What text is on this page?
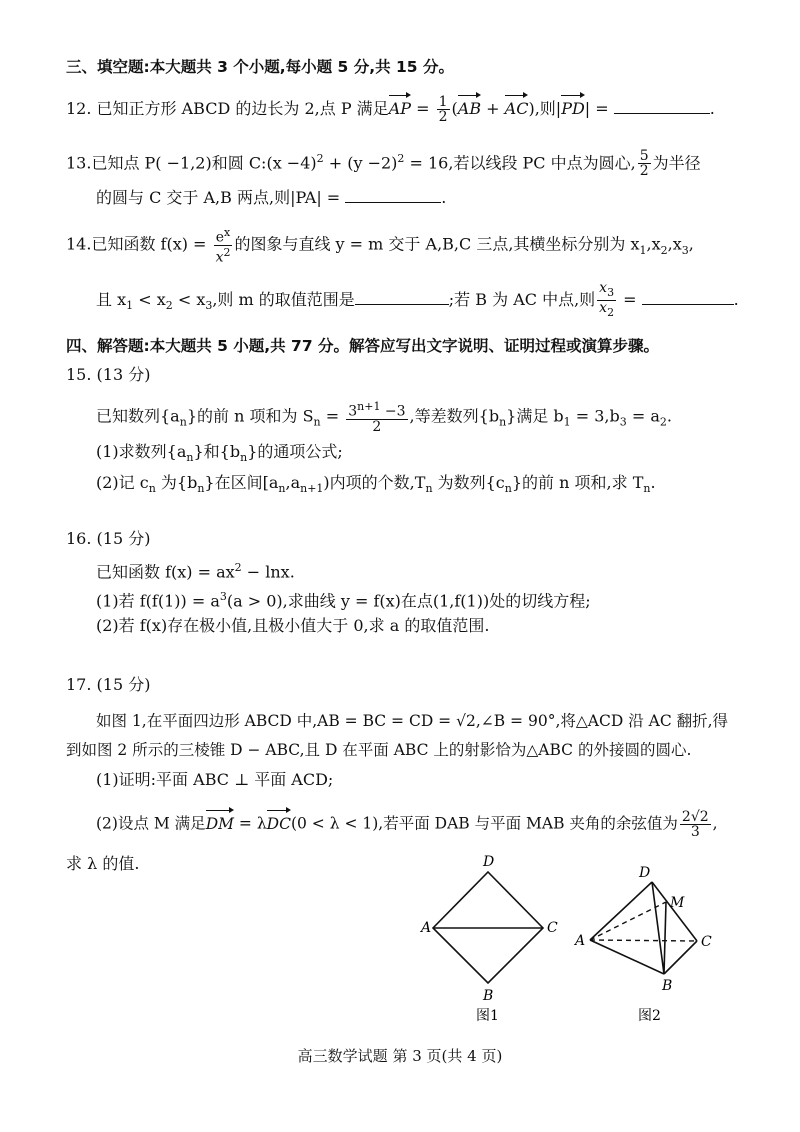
三、填空题:本大题共 3 个小题,每小题 5 分,共 15 分。
12. 已知正方形 ABCD 的边长为 2,点 P 满足AP = $\frac{1}{2} (AB + AC)$,则|PD| =	.
13.已知点 P( −1,2)和圆 C:(x $-4)^2 + (y -2)^2 = 16$,若以线段 PC 中点为圆心, $\frac{5}{2}$ 为半径
的圆与 C 交于 A,B 两点,则|PA| =	.
14.已知函数 $f(x) = \frac{e^x}{x^2}$ 的图象与直线 y = m 交于 A,B,C 三点,其横坐标分别为 $x_1,x_2,x_3$,
且 $x_1 < x_2 < x_3$,则 m 的取值范围是	;若 B 为 AC 中点,则 $\frac{x_3}{x_2}$ =	.
四、解答题:本大题共 5 小题,共 77 分。解答应写出文字说明、证明过程或演算步骤。
15. (13 分)
已知数列$\{a_n\}$的前 n 项和为 $S_n = \frac{3^{n+1} -3}{2}$ ,等差数列$\{b_n\}$满足 $b_1 = 3,b_3 = a_2$.
(1)求数列$\{a_n\}$和$\{b_n\}$的通项公式;
(2)记 $c_n$ 为$\{b_n\}$在区间$[a_n,a_{n+1})$内项的个数$,T_n$ 为数列$\{c_n\}$的前 n 项和,求 $T_n$.
16. (15 分)
已知函数 $f(x) = ax^2 - \ln x$.
(1)若 $f(f(1)) = a^3(a > 0)$,求曲线 y = f(x)在点(1,f(1))处的切线方程;
(2)若 f(x)存在极小值,且极小值大于 0,求 a 的取值范围.
17. (15 分)
如图 1,在平面四边形 ABCD 中,AB = BC = CD = √2,∠B = 90°,将△ACD 沿 AC 翻折,得
到如图 2 所示的三棱锥 D − ABC,且 D 在平面 ABC 上的射影恰为△ABC 的外接圆的圆心.
(1)证明:平面 ABC ⊥ 平面 ACD;
(2)设点 M 满足DM = λDC(0 < λ < 1),若平面 DAB 与平面 MAB 夹角的余弦值为 $\frac{2√2}{3}$ ,
求 λ 的值.	D
A	C
B
图1
D
M
A	C
B
图2
高三数学试题 第 3 页(共 4 页)
